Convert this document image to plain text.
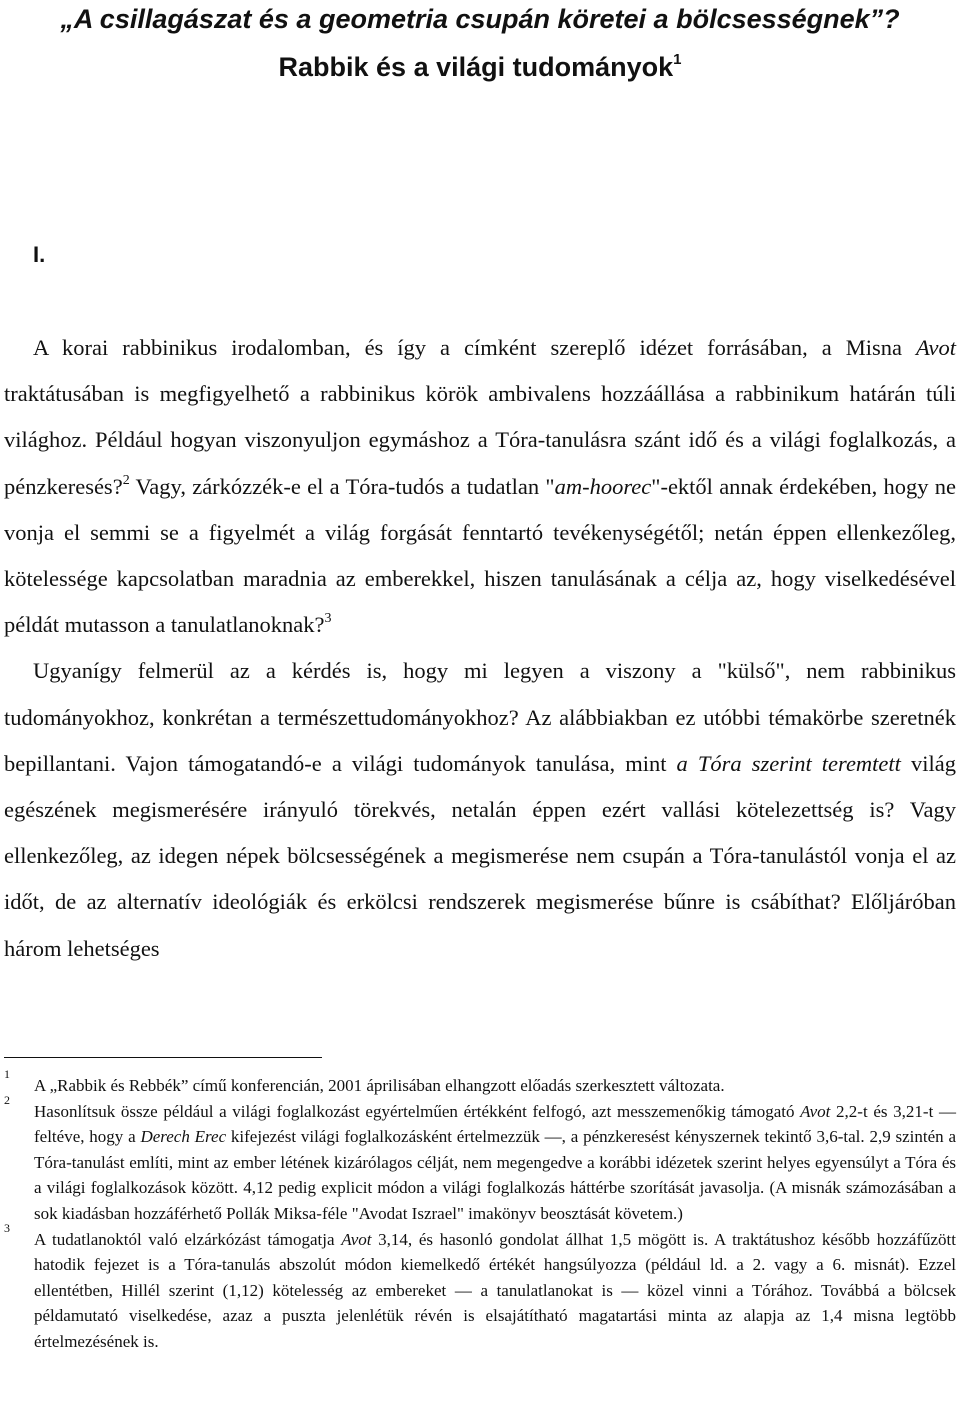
„A csillagászat és a geometria csupán köretei a bölcsességnek”?
Rabbik és a világi tudományok$^1$
I.

A korai rabbinikus irodalomban, és így a címként szereplő idézet forrásában, a Misna Avot traktátusában is megfigyelhető a rabbinikus körök ambivalens hozzáállása a rabbinikum határán túli világhoz. Például hogyan viszonyuljon egymáshoz a Tóra-tanulásra szánt idő és a világi foglalkozás, a pénzkeresés?$^2$ Vagy, zárkózzék-e el a Tóra-tudós a tudatlan "am-hoorec"-ektől annak érdekében, hogy ne vonja el semmi se a figyelmét a világ forgását fenntartó tevékenységétől; netán éppen ellenkezőleg, kötelessége kapcsolatban maradnia az emberekkel, hiszen tanulásának a célja az, hogy viselkedésével példát mutasson a tanulatlanoknak?$^3$

Ugyanígy felmerül az a kérdés is, hogy mi legyen a viszony a "külső", nem rabbinikus tudományokhoz, konkrétan a természettudományokhoz? Az alábbiakban ez utóbbi témakörbe szeretnék bepillantani. Vajon támogatandó-e a világi tudományok tanulása, mint a Tóra szerint teremtett világ egészének megismerésére irányuló törekvés, netalán éppen ezért vallási kötelezettség is? Vagy ellenkezőleg, az idegen népek bölcsességének a megismerése nem csupán a Tóra-tanulástól vonja el az időt, de az alternatív ideológiák és erkölcsi rendszerek megismerése bűnre is csábíthat? Előljáróban három lehetséges

1
A „Rabbik és Rebbék” című konferencián, 2001 áprilisában elhangzott előadás szerkesztett változata.
2
Hasonlítsuk össze például a világi foglalkozást egyértelműen értékként felfogó, azt messzemenőkig támogató Avot 2,2-t és 3,21-t — feltéve, hogy a Derech Erec kifejezést világi foglalkozásként értelmezzük —, a pénzkeresést kényszernek tekintő 3,6-tal. 2,9 szintén a Tóra-tanulást említi, mint az ember létének kizárólagos célját, nem megengedve a korábbi idézetek szerint helyes egyensúlyt a Tóra és a világi foglalkozások között. 4,12 pedig explicit módon a világi foglalkozás háttérbe szorítását javasolja. (A misnák számozásában a sok kiadásban hozzáférhető Pollák Miksa-féle "Avodat Iszrael" imakönyv beosztását követem.)
3
A tudatlanoktól való elzárkózást támogatja Avot 3,14, és hasonló gondolat állhat 1,5 mögött is. A traktátushoz később hozzáfűzött hatodik fejezet is a Tóra-tanulás abszolút módon kiemelkedő értékét hangsúlyozza (például ld. a 2. vagy a 6. misnát). Ezzel ellentétben, Hillél szerint (1,12) kötelesség az embereket — a tanulatlanokat is — közel vinni a Tórához. Továbbá a bölcsek példamutató viselkedése, azaz a puszta jelenlétük révén is elsajátítható magatartási minta az alapja az 1,4 misna legtöbb értelmezésének is.
